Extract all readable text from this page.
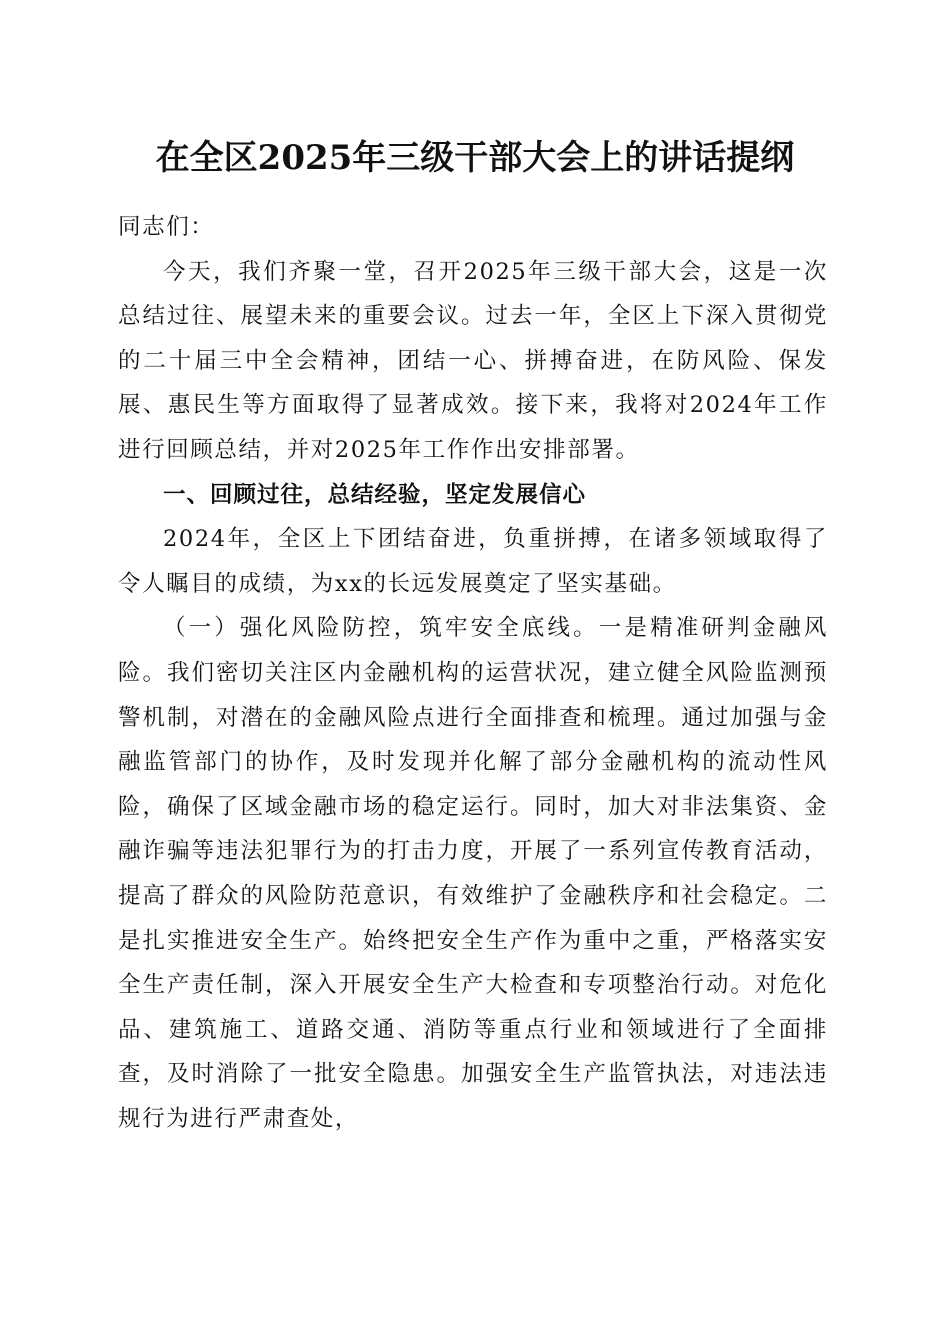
在全区2025年三级干部大会上的讲话提纲

同志们：

今天，我们齐聚一堂，召开2025年三级干部大会，这是一次总结过往、展望未来的重要会议。过去一年，全区上下深入贯彻党的二十届三中全会精神，团结一心、拼搏奋进，在防风险、保发展、惠民生等方面取得了显著成效。接下来，我将对2024年工作进行回顾总结，并对2025年工作作出安排部署。

一、回顾过往，总结经验，坚定发展信心

2024年，全区上下团结奋进，负重拼搏，在诸多领域取得了令人瞩目的成绩，为xx的长远发展奠定了坚实基础。

（一）强化风险防控，筑牢安全底线。一是精准研判金融风险。我们密切关注区内金融机构的运营状况，建立健全风险监测预警机制，对潜在的金融风险点进行全面排查和梳理。通过加强与金融监管部门的协作，及时发现并化解了部分金融机构的流动性风险，确保了区域金融市场的稳定运行。同时，加大对非法集资、金融诈骗等违法犯罪行为的打击力度，开展了一系列宣传教育活动，提高了群众的风险防范意识，有效维护了金融秩序和社会稳定。二是扎实推进安全生产。始终把安全生产作为重中之重，严格落实安全生产责任制，深入开展安全生产大检查和专项整治行动。对危化品、建筑施工、道路交通、消防等重点行业和领域进行了全面排查，及时消除了一批安全隐患。加强安全生产监管执法，对违法违规行为进行严肃查处，
